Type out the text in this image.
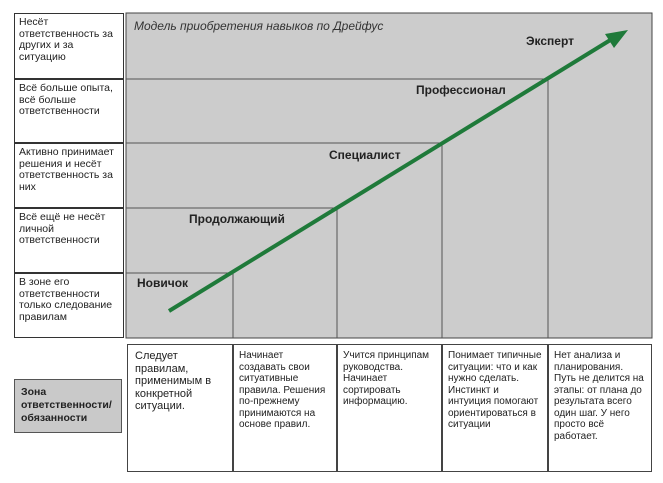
Несёт ответственность за других и за ситуацию
Всё больше опыта, всё больше ответственности
Активно принимает решения и несёт ответственность за них
Всё ещё не несёт личной ответственности
В зоне его ответственности только следование правилам
Модель приобретения навыков по Дрейфус
Новичок
Продолжающий
Специалист
Профессионал
Эксперт
Зона ответственности/ обязанности
Следует правилам, применимым в конкретной ситуации.
Начинает создавать свои ситуативные правила. Решения по-прежнему принимаются на основе правил.
Учится принципам руководства. Начинает сортировать информацию.
Понимает типичные ситуации: что и как нужно сделать. Инстинкт и интуиция помогают ориентироваться в ситуации
Нет анализа и планирования. Путь не делится на этапы: от плана до результата всего один шаг. У него просто всё работает.
